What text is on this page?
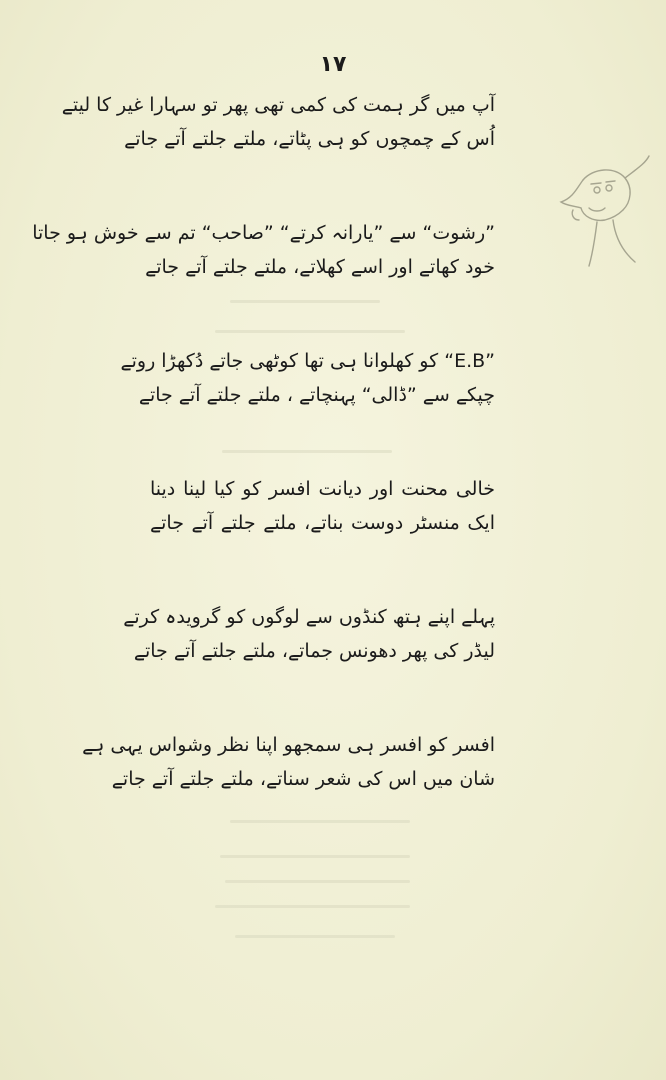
١٧
آپ میں گر ہمت کی کمی تھی پھر تو سہارا غیر کا لیتے
اُس کے چمچوں کو ہی پٹاتے، ملتے جلتے آتے جاتے
”رشوت“ سے ”یارانہ کرتے“ ”صاحب“ تم سے خوش ہو جاتا
خود کھاتے اور اسے کھلاتے، ملتے جلتے آتے جاتے
”E.B“ کو کھلوانا ہی تھا کوٹھی جاتے دُکھڑا روتے
چپکے سے ”ڈالی“ پہنچاتے ، ملتے جلتے آتے جاتے
خالی محنت اور دیانت افسر کو کیا لینا دینا
ایک منسٹر دوست بناتے، ملتے جلتے آتے جاتے
پہلے اپنے ہتھ کنڈوں سے لوگوں کو گرویدہ کرتے
لیڈر کی پھر دھونس جماتے، ملتے جلتے آتے جاتے
افسر کو افسر ہی سمجھو اپنا نظر وشواس یہی ہے
شان میں اس کی شعر سناتے، ملتے جلتے آتے جاتے
